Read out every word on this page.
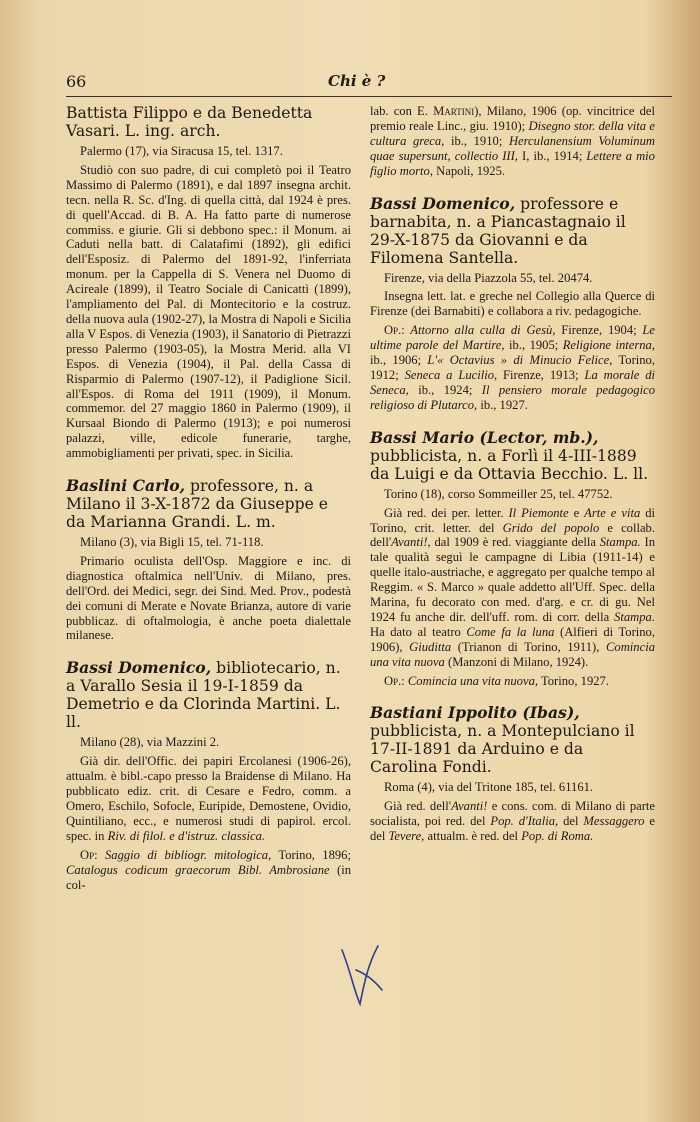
66	Chi è ?
Battista Filippo e da Benedetta Vasari. L. ing. arch.

Palermo (17), via Siracusa 15, tel. 1317.

Studiò con suo padre, di cui completò poi il Teatro Massimo di Palermo (1891), e dal 1897 insegna archit. tecn. nella R. Sc. d'Ing. di quella città, dal 1924 è pres. di quell'Accad. di B. A. Ha fatto parte di numerose commiss. e giurie. Gli si debbono spec.: il Monum. ai Caduti nella batt. di Calatafimi (1892), gli edifici dell'Esposiz. di Palermo del 1891-92, l'inferriata monum. per la Cappella di S. Venera nel Duomo di Acireale (1899), il Teatro Sociale di Canicattì (1899), l'ampliamento del Pal. di Montecitorio e la costruz. della nuova aula (1902-27), la Mostra di Napoli e Sicilia alla V Espos. di Venezia (1903), il Sanatorio di Pietrazzi presso Palermo (1903-05), la Mostra Merid. alla VI Espos. di Venezia (1904), il Pal. della Cassa di Risparmio di Palermo (1907-12), il Padiglione Sicil. all'Espos. di Roma del 1911 (1909), il Monum. commemor. del 27 maggio 1860 in Palermo (1909), il Kursaal Biondo di Palermo (1913); e poi numerosi palazzi, ville, edicole funerarie, targhe, ammobigliamenti per privati, spec. in Sicilia.

Baslini Carlo, professore, n. a Milano il 3-X-1872 da Giuseppe e da Marianna Grandi. L. m.

Milano (3), via Bigli 15, tel. 71-118.

Primario oculista dell'Osp. Maggiore e inc. di diagnostica oftalmica nell'Univ. di Milano, pres. dell'Ord. dei Medici, segr. dei Sind. Med. Prov., podestà dei comuni di Merate e Novate Brianza, autore di varie pubblicaz. di oftalmologia, è anche poeta dialettale milanese.

Bassi Domenico, bibliotecario, n. a Varallo Sesia il 19-I-1859 da Demetrio e da Clorinda Martini. L. ll.

Milano (28), via Mazzini 2.

Già dir. dell'Offic. dei papiri Ercolanesi (1906-26), attualm. è bibl.-capo presso la Braidense di Milano. Ha pubblicato ediz. crit. di Cesare e Fedro, comm. a Omero, Eschilo, Sofocle, Euripide, Demostene, Ovidio, Quintiliano, ecc., e numerosi studi di papirol. ercol. spec. in Riv. di filol. e d'istruz. classica.

Op: Saggio di bibliogr. mitologica, Torino, 1896; Catalogus codicum graecorum Bibl. Ambrosiane (in col-

lab. con E. Martini), Milano, 1906 (op. vincitrice del premio reale Linc., giu. 1910); Disegno stor. della vita e cultura greca, ib., 1910; Herculanensium Voluminum quae supersunt, collectio III, I, ib., 1914; Lettere a mio figlio morto, Napoli, 1925.

Bassi Domenico, professore e barnabita, n. a Piancastagnaio il 29-X-1875 da Giovanni e da Filomena Santella.

Firenze, via della Piazzola 55, tel. 20474.

Insegna lett. lat. e greche nel Collegio alla Querce di Firenze (dei Barnabiti) e collabora a riv. pedagogiche.

Op.: Attorno alla culla di Gesù, Firenze, 1904; Le ultime parole del Martire, ib., 1905; Religione interna, ib., 1906; L'« Octavius » di Minucio Felice, Torino, 1912; Seneca a Lucilio, Firenze, 1913; La morale di Seneca, ib., 1924; Il pensiero morale pedagogico religioso di Plutarco, ib., 1927.

Bassi Mario (Lector, mb.), pubblicista, n. a Forlì il 4-III-1889 da Luigi e da Ottavia Becchio. L. ll.

Torino (18), corso Sommeiller 25, tel. 47752.

Già red. dei per. letter. Il Piemonte e Arte e vita di Torino, crit. letter. del Grido del popolo e collab. dell'Avanti!, dal 1909 è red. viaggiante della Stampa. In tale qualità seguì le campagne di Libia (1911-14) e quelle italo-austriache, e aggregato per qualche tempo al Reggim. « S. Marco » quale addetto all'Uff. Spec. della Marina, fu decorato con med. d'arg. e cr. di gu. Nel 1924 fu anche dir. dell'uff. rom. di corr. della Stampa. Ha dato al teatro Come fa la luna (Alfieri di Torino, 1906), Giuditta (Trianon di Torino, 1911), Comincia una vita nuova (Manzoni di Milano, 1924).

Op.: Comincia una vita nuova, Torino, 1927.

Bastiani Ippolito (Ibas), pubblicista, n. a Montepulciano il 17-II-1891 da Arduino e da Carolina Fondi.

Roma (4), via del Tritone 185, tel. 61161.

Già red. dell'Avanti! e cons. com. di Milano di parte socialista, poi red. del Pop. d'Italia, del Messaggero e del Tevere, attualm. è red. del Pop. di Roma.
